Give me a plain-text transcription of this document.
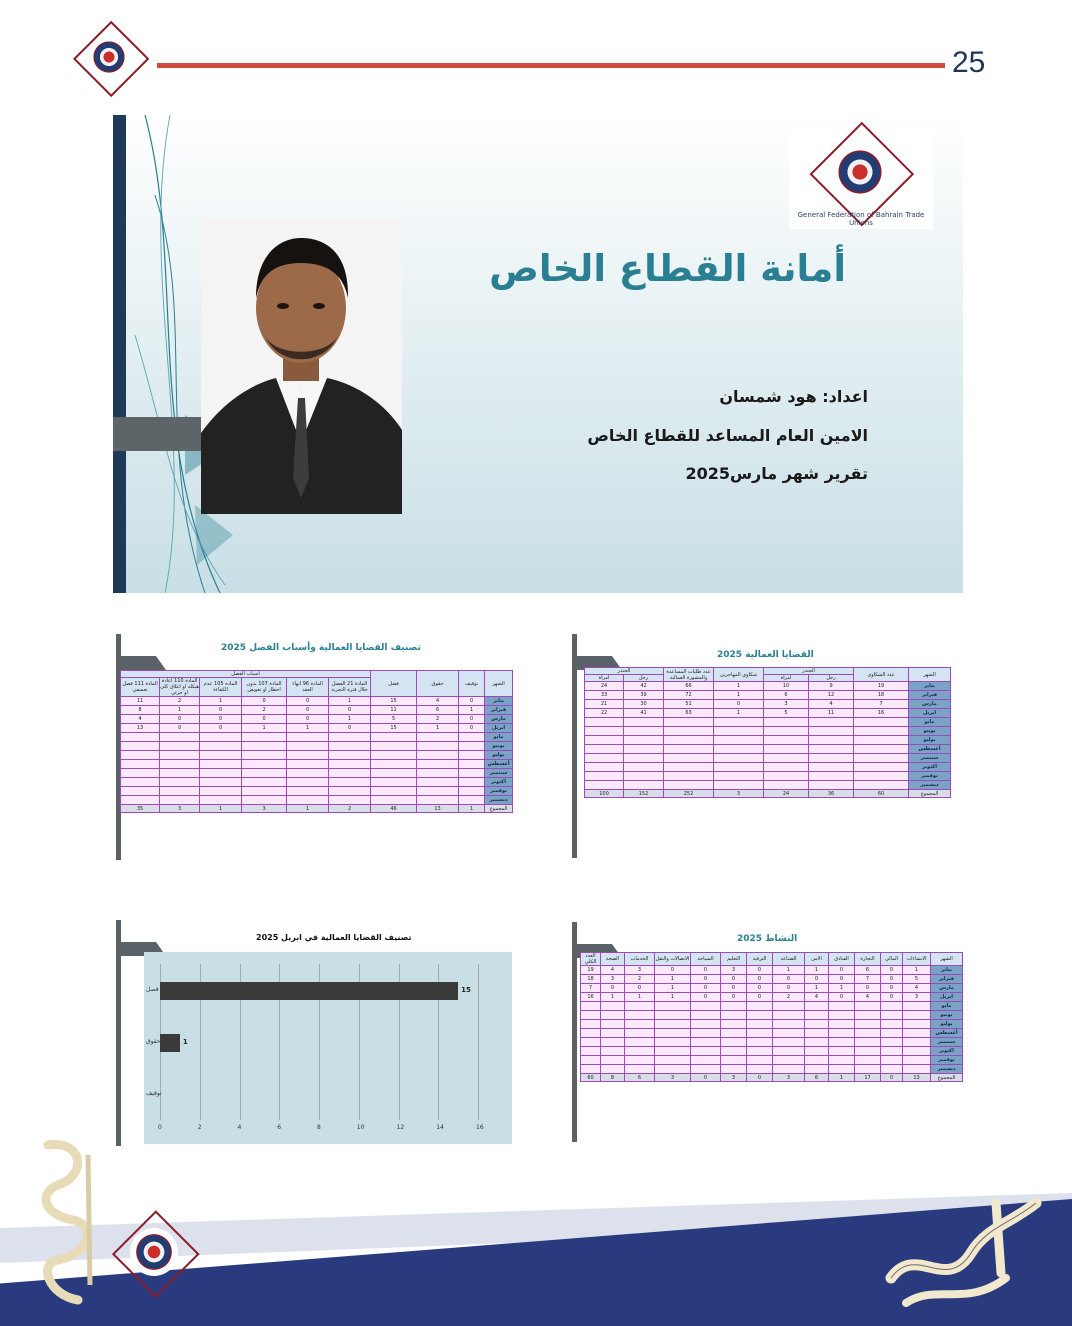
25
General Federation of Bahrain Trade Unions
أمانة القطاع الخاص
اعداد: هود شمسان
الامين العام المساعد للقطاع الخاص
تقرير شهر مارس2025
القضايا العمالية 2025
الشهر	عدد الشكاوى	الجندر		شكاوي المهاجرين	عدد طلبات المساعدة والمشورة العمالية	الجندر	
		رجل	امرأة			رجل	امرأة
يناير	19	9	10	1	66	42	24
فبراير	18	12	6	1	72	39	33
مارس	7	4	3	0	51	30	21
ابريل	16	11	5	1	63	41	22
مايو							
يونيو							
يوليو							
أغسطس							
سبتمبر							
اكتوبر							
نوفمبر							
ديسمبر							
المجموع	60	36	24	3	252	152	100
تصنيف القضايا العمالية وأسباب الفصل 2025
الشهر	توقيف	حقوق	فصل	أسباب الفصل					
				المادة 21 الفصل خلال فترة التجربة	المادة 96 انهاء العقد	المادة 107 بدون اخطار او تعويض	المادة 105 عدم الكفاءة	المادة 110 اعادة هيكلة او اغلاق كلي او جزئي	المادة 111 فصل تعسفي
يناير	0	4	15	1	0	0	1	2	11
فبراير	1	6	11	0	0	2	0	1	8
مارس	0	2	5	1	0	0	0	0	4
ابريل	0	1	15	0	1	1	0	0	13
مايو									
يونيو									
يوليو									
أغسطس									
سبتمبر									
اكتوبر									
نوفمبر									
ديسمبر									
المجموع	1	13	46	2	1	3	1	3	35
النشاط 2025
الشهر	الانشاءات	المالي	التجارة	الفنادق	الامن	الصناعة	الترفية	التعليم	السياحة	الاتصالات والنقل	الخدمات	الصحة	العدد الكلي
يناير	1	0	6	0	1	1	0	3	0	0	3	4	19
فبراير	5	0	7	0	0	0	0	0	0	1	2	3	18
مارس	4	0	0	1	1	0	0	0	0	1	0	0	7
ابريل	3	0	4	0	4	2	0	0	0	1	1	1	16
مايو													
يونيو													
يوليو													
أغسطس													
سبتمبر													
اكتوبر													
نوفمبر													
ديسمبر													
المجموع	13	0	17	1	6	3	0	3	0	3	6	8	60
تصنيف القضايا العمالية في ابريل 2025
0	2	4	6	8	10	12	14	16
فصل	15
حقوق	1
توقيف
